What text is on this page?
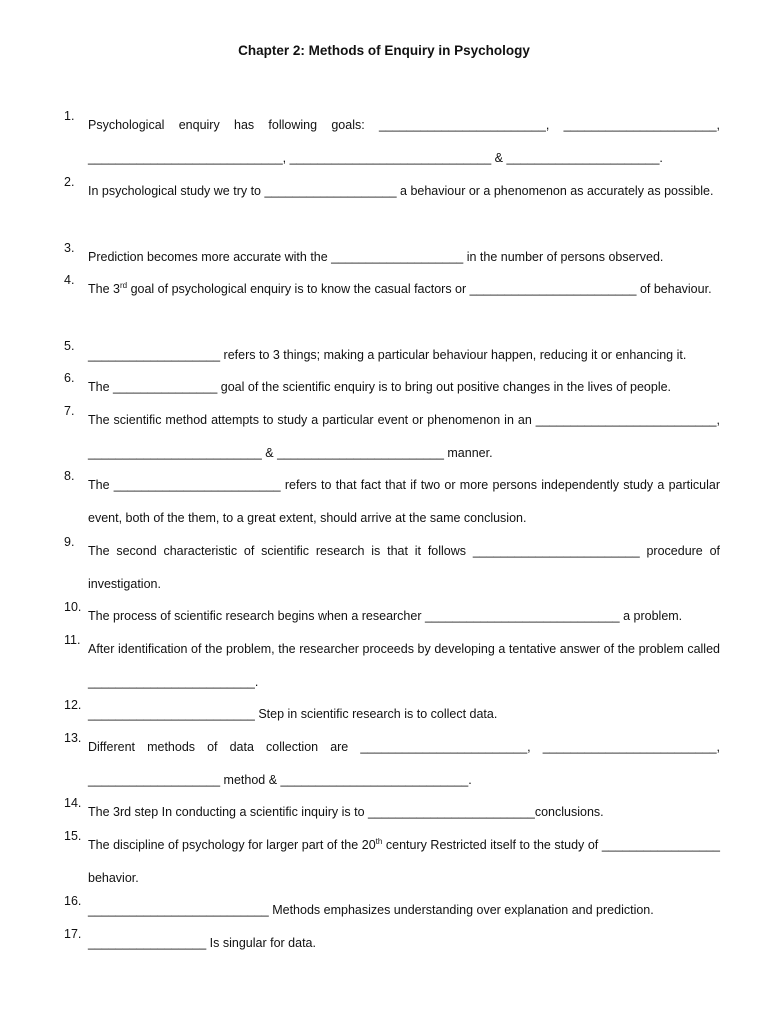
Chapter 2: Methods of Enquiry in Psychology
1.
Psychological enquiry has following goals: ________________________, ______________________, ____________________________, _____________________________ & ______________________.
2.
In psychological study we try to ___________________ a behaviour or a phenomenon as accurately as possible.
3.
Prediction becomes more accurate with the ___________________ in the number of persons observed.
4.
The 3rd goal of psychological enquiry is to know the casual factors or ________________________ of behaviour.
5.
___________________ refers to 3 things; making a particular behaviour happen, reducing it or enhancing it.
6.
The _______________ goal of the scientific enquiry is to bring out positive changes in the lives of people.
7.
The scientific method attempts to study a particular event or phenomenon in an __________________________, _________________________ & ________________________ manner.
8.
The ________________________ refers to that fact that if two or more persons independently study a particular event, both of the them, to a great extent, should arrive at the same conclusion.
9.
The second characteristic of scientific research is that it follows ________________________ procedure of investigation.
10.
The process of scientific research begins when a researcher ____________________________ a problem.
11.
After identification of the problem, the researcher proceeds by developing a tentative answer of the problem called ________________________.
12.
________________________ Step in scientific research is to collect data.
13.
Different methods of data collection are ________________________, _________________________, ___________________ method & ___________________________.
14.
The 3rd step In conducting a scientific inquiry is to ________________________conclusions.
15.
The discipline of psychology for larger part of the 20th century Restricted itself to the study of _________________ behavior.
16.
__________________________ Methods emphasizes understanding over explanation and prediction.
17.
_________________ Is singular for data.
